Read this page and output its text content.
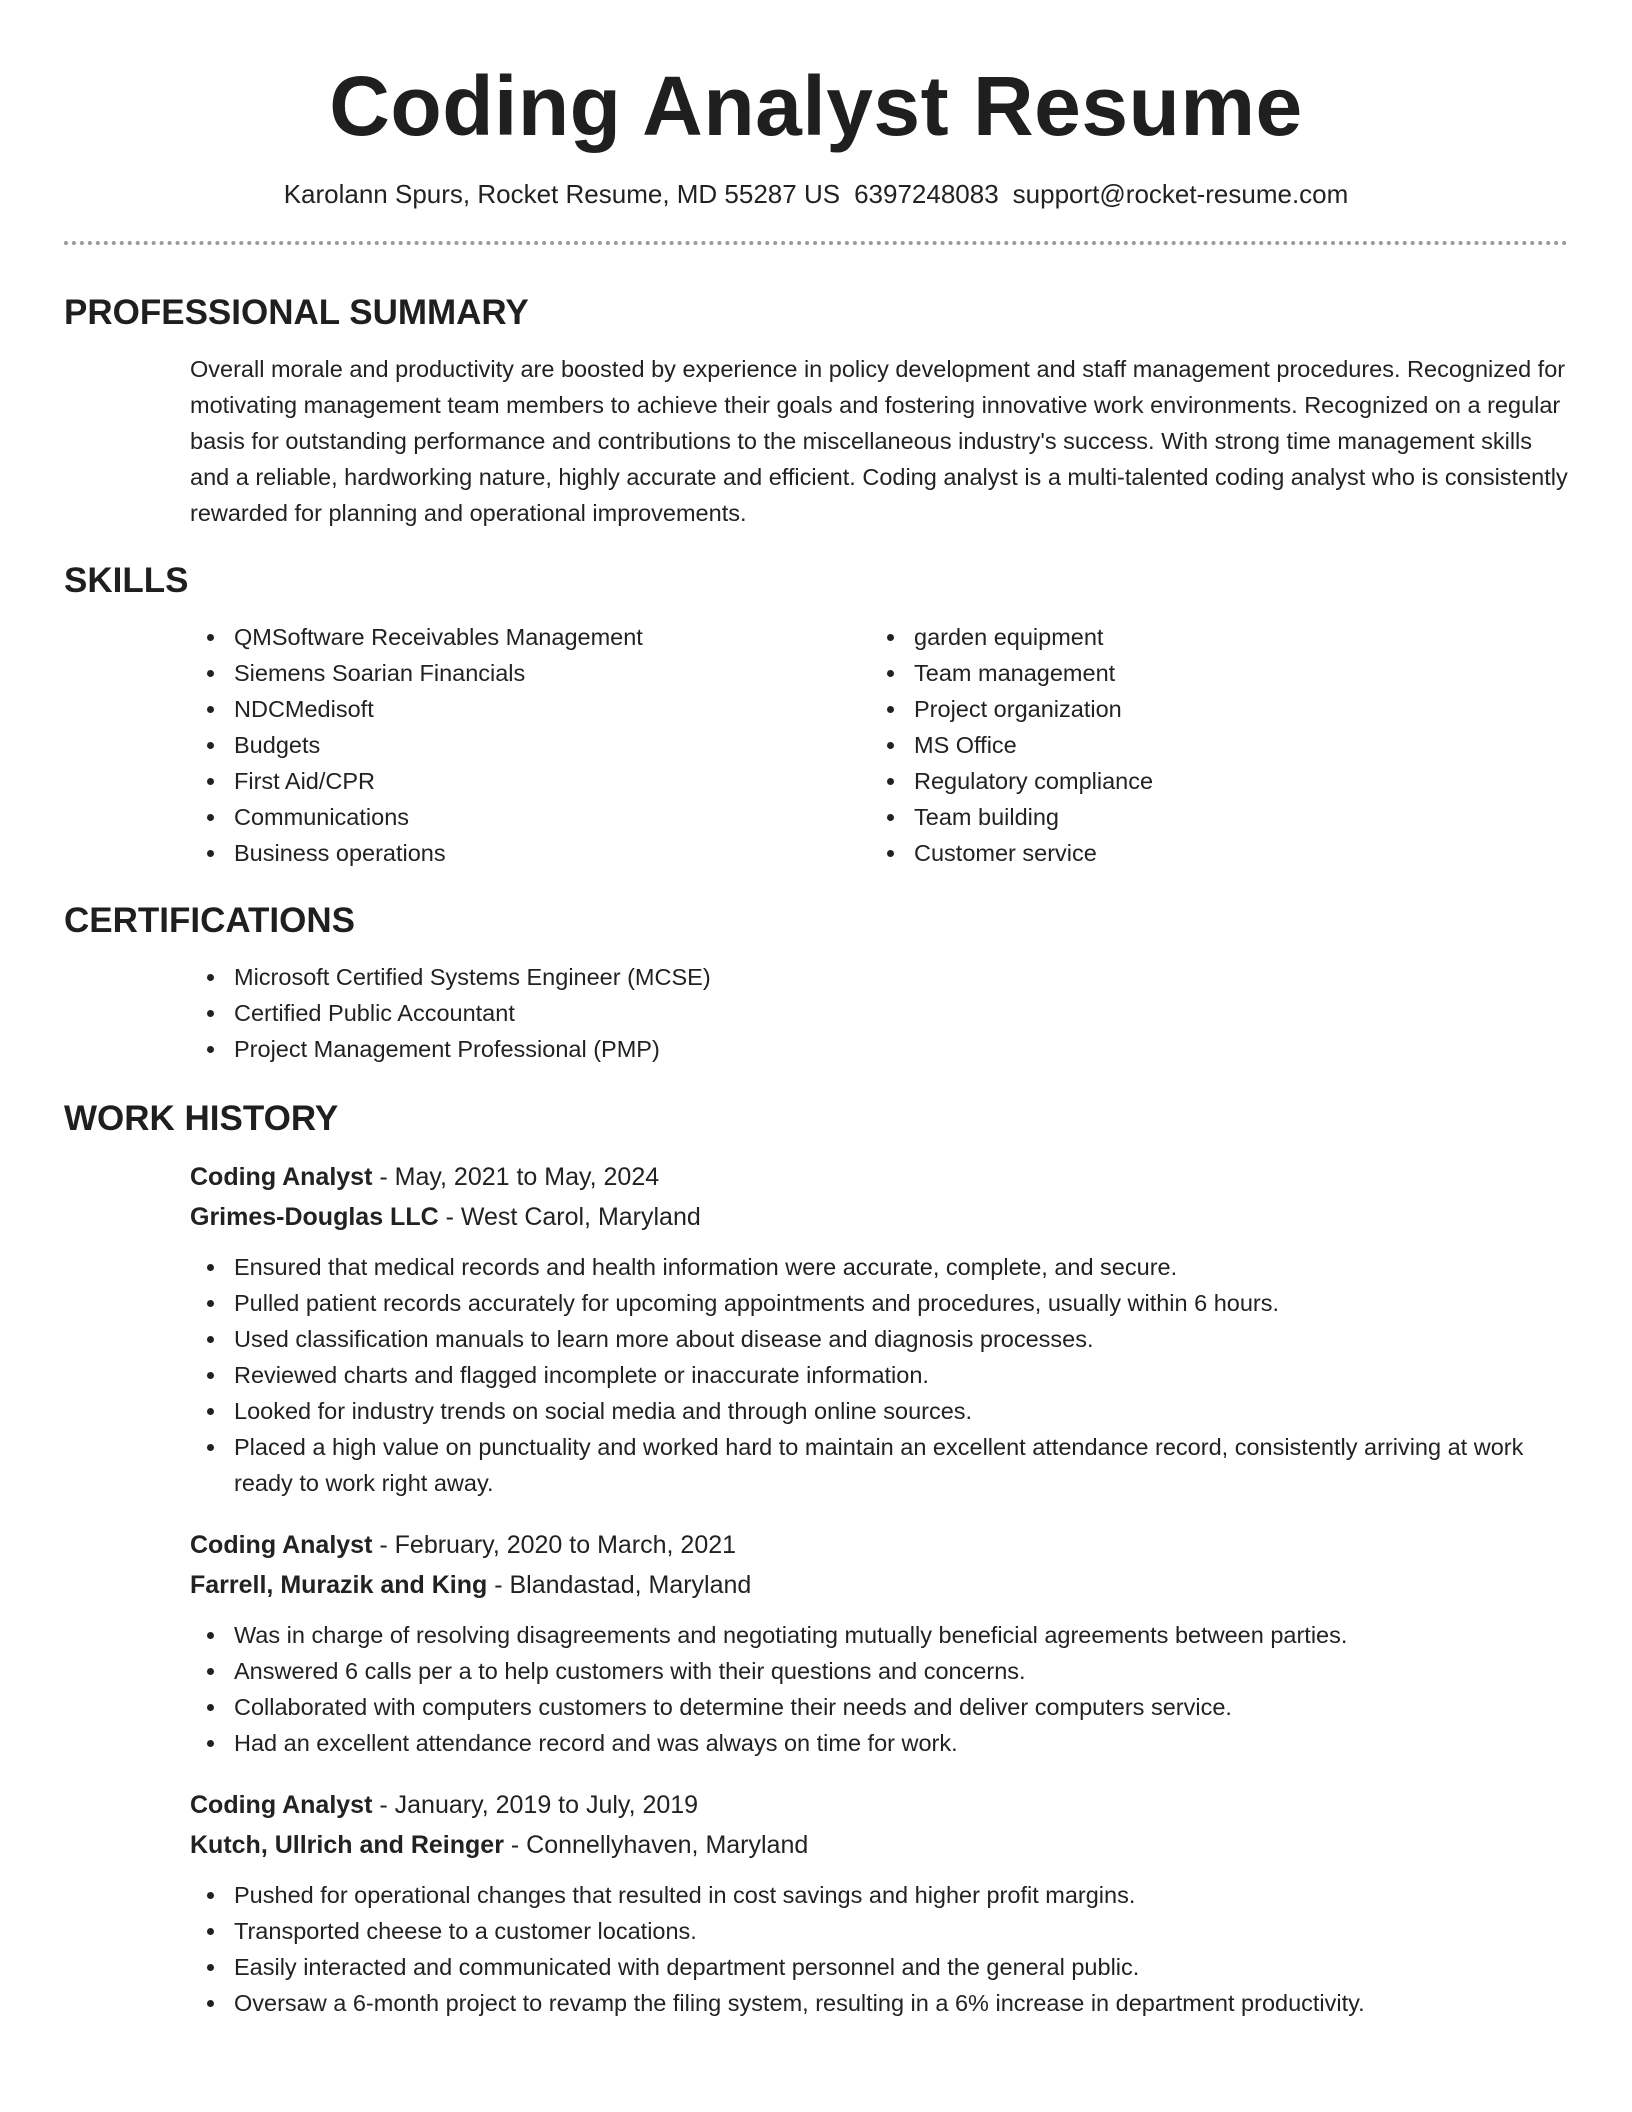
Coding Analyst Resume
Karolann Spurs, Rocket Resume, MD 55287 US 6397248083 support@rocket-resume.com
PROFESSIONAL SUMMARY
Overall morale and productivity are boosted by experience in policy development and staff management procedures. Recognized for motivating management team members to achieve their goals and fostering innovative work environments. Recognized on a regular basis for outstanding performance and contributions to the miscellaneous industry's success. With strong time management skills and a reliable, hardworking nature, highly accurate and efficient. Coding analyst is a multi-talented coding analyst who is consistently rewarded for planning and operational improvements.
SKILLS
QMSoftware Receivables Management
Siemens Soarian Financials
NDCMedisoft
Budgets
First Aid/CPR
Communications
Business operations
garden equipment
Team management
Project organization
MS Office
Regulatory compliance
Team building
Customer service
CERTIFICATIONS
Microsoft Certified Systems Engineer (MCSE)
Certified Public Accountant
Project Management Professional (PMP)
WORK HISTORY
Coding Analyst - May, 2021 to May, 2024
Grimes-Douglas LLC - West Carol, Maryland
Ensured that medical records and health information were accurate, complete, and secure.
Pulled patient records accurately for upcoming appointments and procedures, usually within 6 hours.
Used classification manuals to learn more about disease and diagnosis processes.
Reviewed charts and flagged incomplete or inaccurate information.
Looked for industry trends on social media and through online sources.
Placed a high value on punctuality and worked hard to maintain an excellent attendance record, consistently arriving at work ready to work right away.
Coding Analyst - February, 2020 to March, 2021
Farrell, Murazik and King - Blandastad, Maryland
Was in charge of resolving disagreements and negotiating mutually beneficial agreements between parties.
Answered 6 calls per a to help customers with their questions and concerns.
Collaborated with computers customers to determine their needs and deliver computers service.
Had an excellent attendance record and was always on time for work.
Coding Analyst - January, 2019 to July, 2019
Kutch, Ullrich and Reinger - Connellyhaven, Maryland
Pushed for operational changes that resulted in cost savings and higher profit margins.
Transported cheese to a customer locations.
Easily interacted and communicated with department personnel and the general public.
Oversaw a 6-month project to revamp the filing system, resulting in a 6% increase in department productivity.
